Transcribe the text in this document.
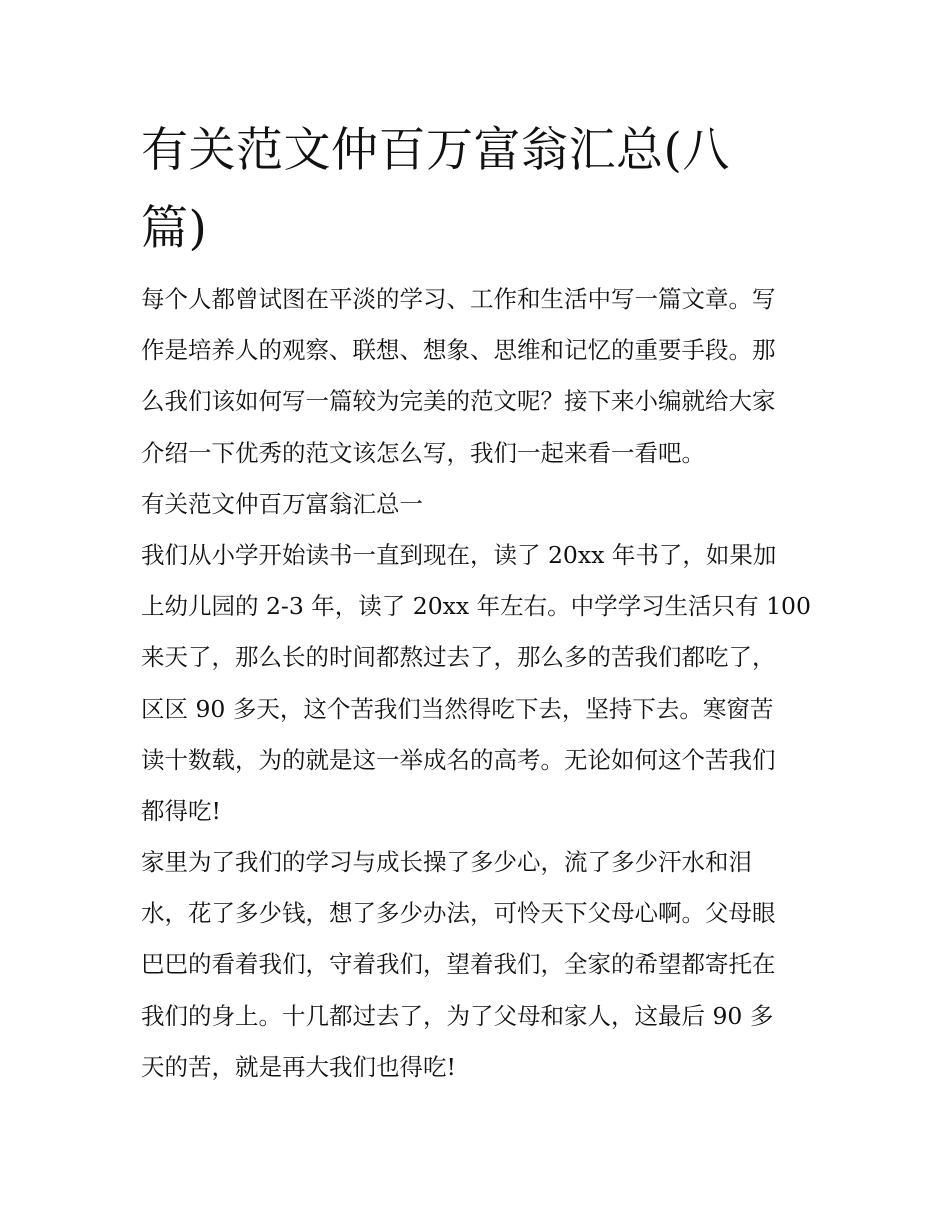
有关范文仲百万富翁汇总(八
篇)
每个人都曾试图在平淡的学习、工作和生活中写一篇文章。写
作是培养人的观察、联想、想象、思维和记忆的重要手段。那
么我们该如何写一篇较为完美的范文呢？接下来小编就给大家
介绍一下优秀的范文该怎么写，我们一起来看一看吧。
有关范文仲百万富翁汇总一
我们从小学开始读书一直到现在，读了 20xx 年书了，如果加
上幼儿园的 2-3 年，读了 20xx 年左右。中学学习生活只有 100
来天了，那么长的时间都熬过去了，那么多的苦我们都吃了，
区区 90 多天，这个苦我们当然得吃下去，坚持下去。寒窗苦
读十数载，为的就是这一举成名的高考。无论如何这个苦我们
都得吃!
家里为了我们的学习与成长操了多少心，流了多少汗水和泪
水，花了多少钱，想了多少办法，可怜天下父母心啊。父母眼
巴巴的看着我们，守着我们，望着我们，全家的希望都寄托在
我们的身上。十几都过去了，为了父母和家人，这最后 90 多
天的苦，就是再大我们也得吃!
